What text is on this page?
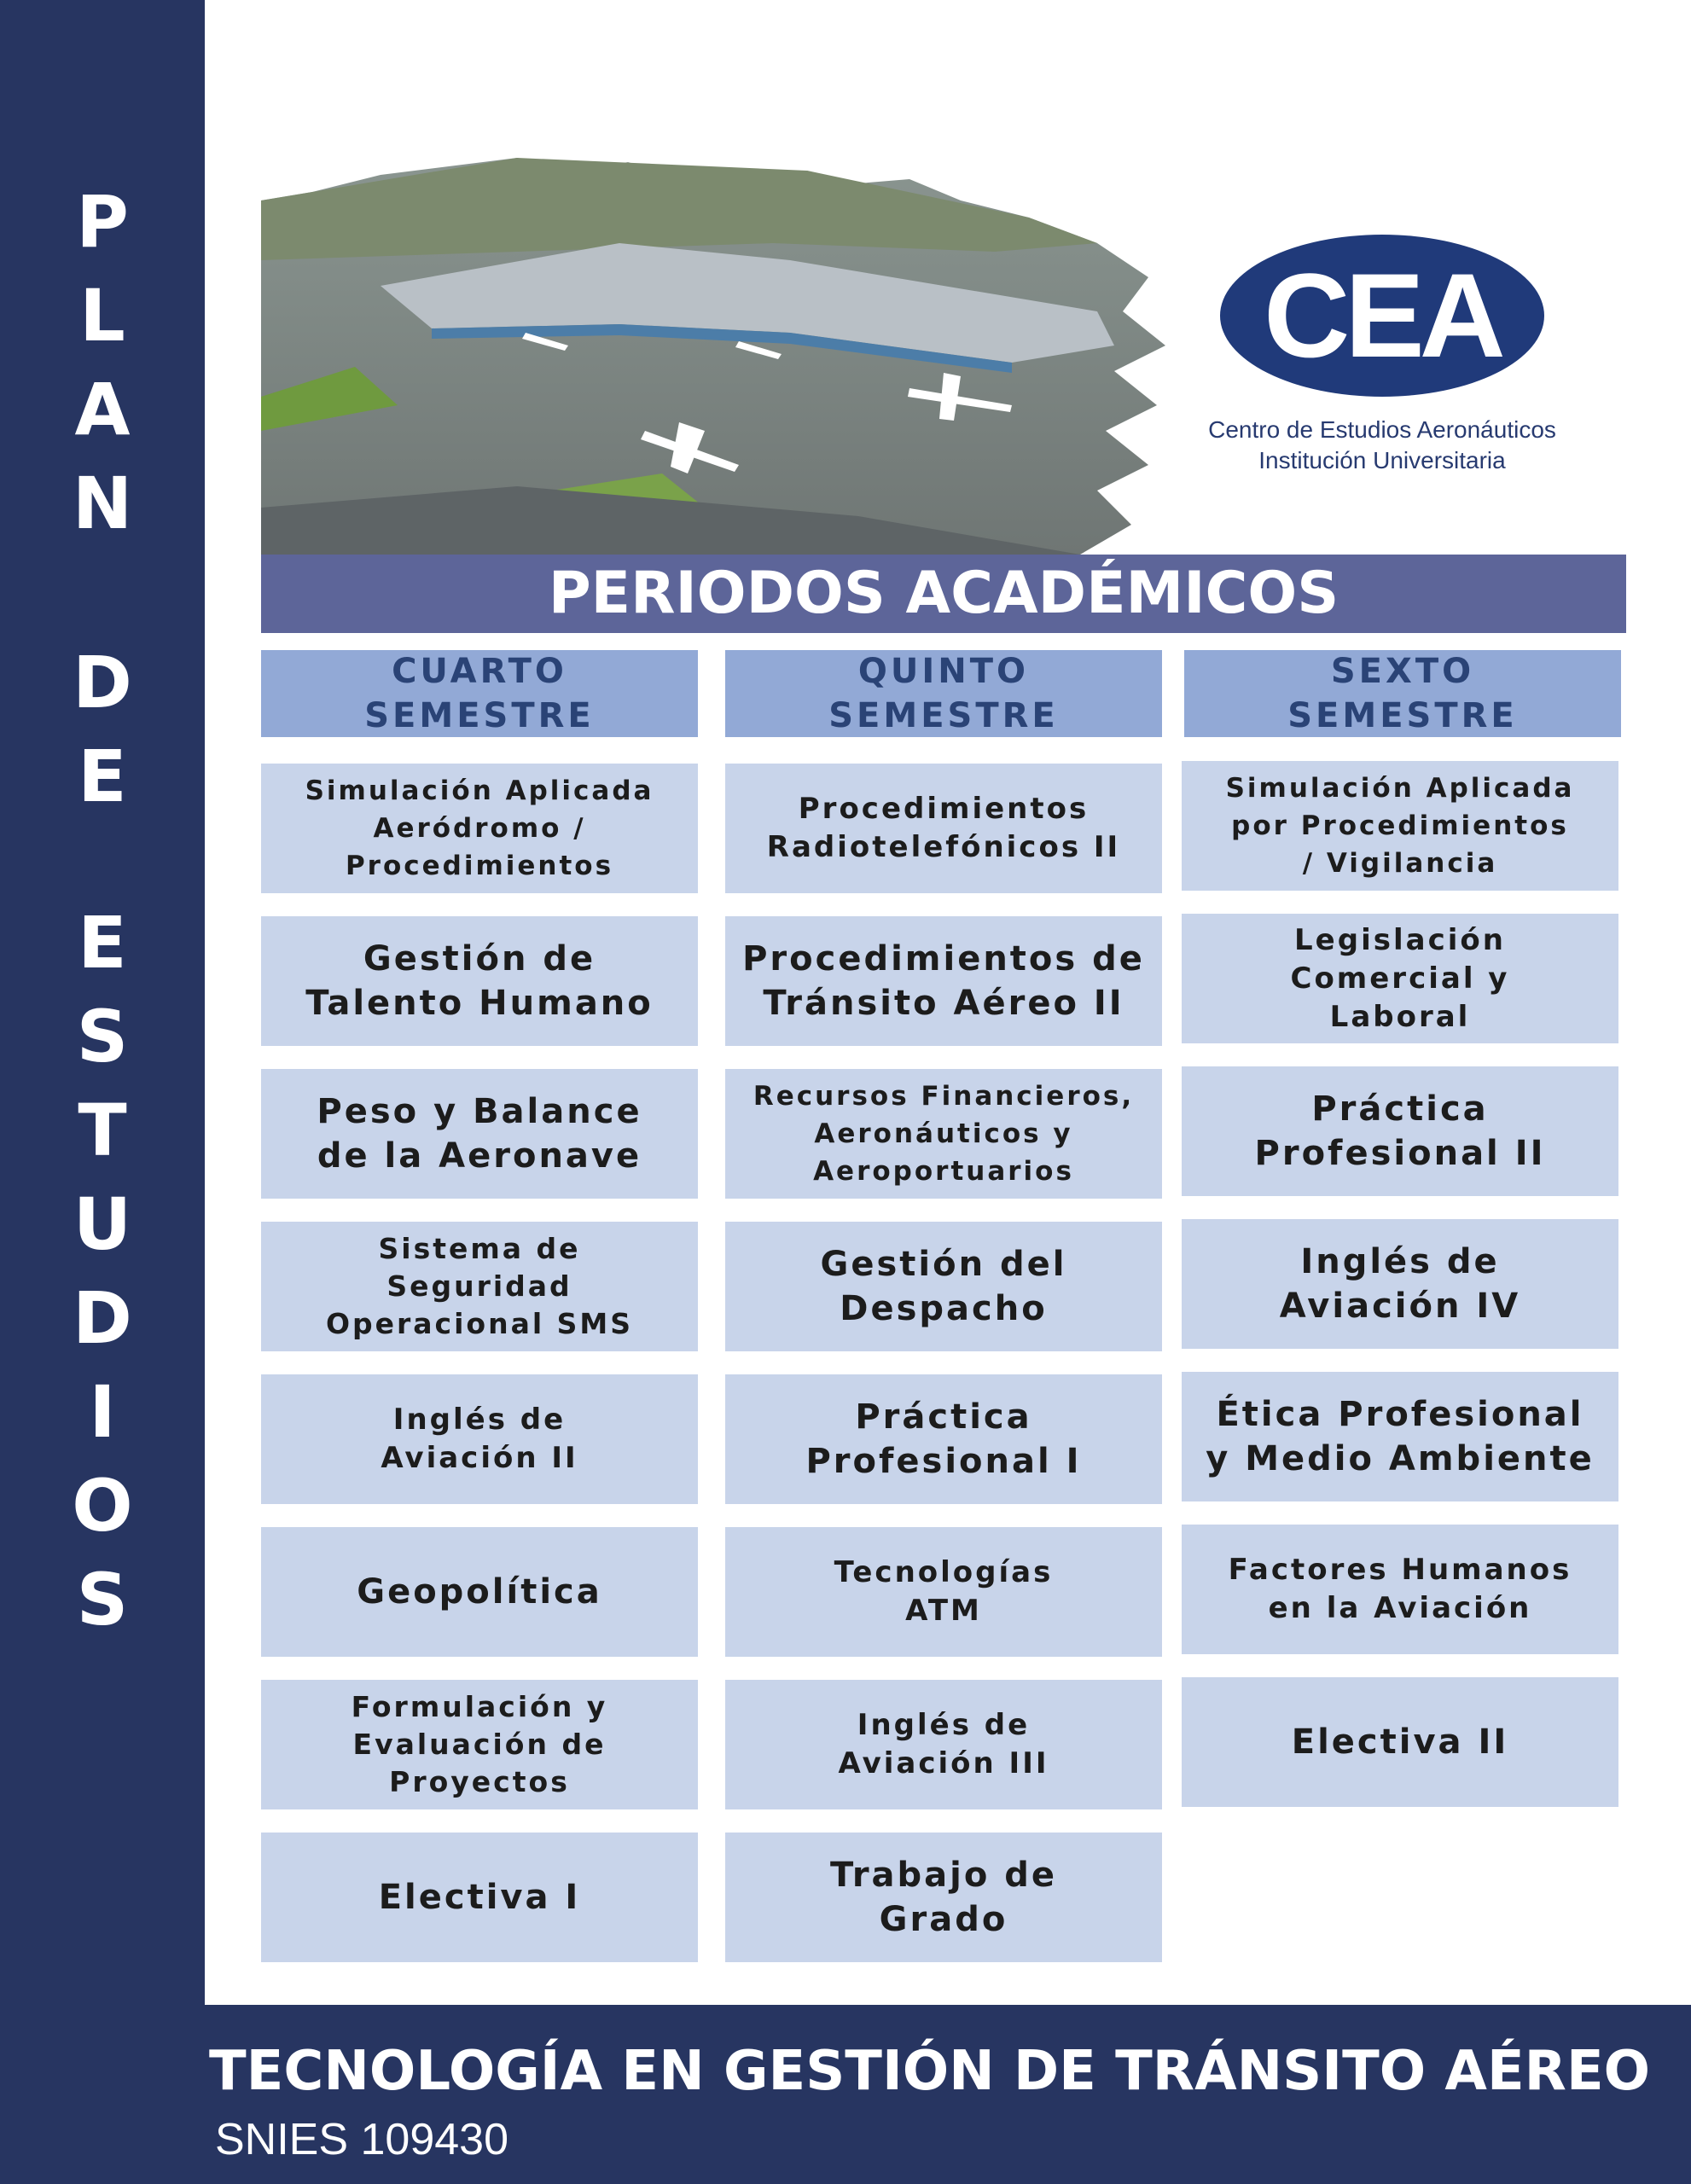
P
L
A
N
D
E
E
S
T
U
D
I
O
S
CEA
Centro de Estudios Aeronáuticos
Institución Universitaria
PERIODOS ACADÉMICOS
CUARTO
SEMESTRE
QUINTO
SEMESTRE
SEXTO
SEMESTRE
Simulación Aplicada
Aeródromo /
Procedimientos
Gestión de
Talento Humano
Peso y Balance
de la Aeronave
Sistema de
Seguridad
Operacional SMS
Inglés de
Aviación II
Geopolítica
Formulación y
Evaluación de
Proyectos
Electiva I
Procedimientos
Radiotelefónicos II
Procedimientos de
Tránsito Aéreo II
Recursos Financieros,
Aeronáuticos y
Aeroportuarios
Gestión del
Despacho
Práctica
Profesional I
Tecnologías
ATM
Inglés de
Aviación III
Trabajo de
Grado
Simulación Aplicada
por Procedimientos
/ Vigilancia
Legislación
Comercial y
Laboral
Práctica
Profesional II
Inglés de
Aviación IV
Ética Profesional
y Medio Ambiente
Factores Humanos
en la Aviación
Electiva II
TECNOLOGÍA EN GESTIÓN DE TRÁNSITO AÉREO
SNIES 109430
